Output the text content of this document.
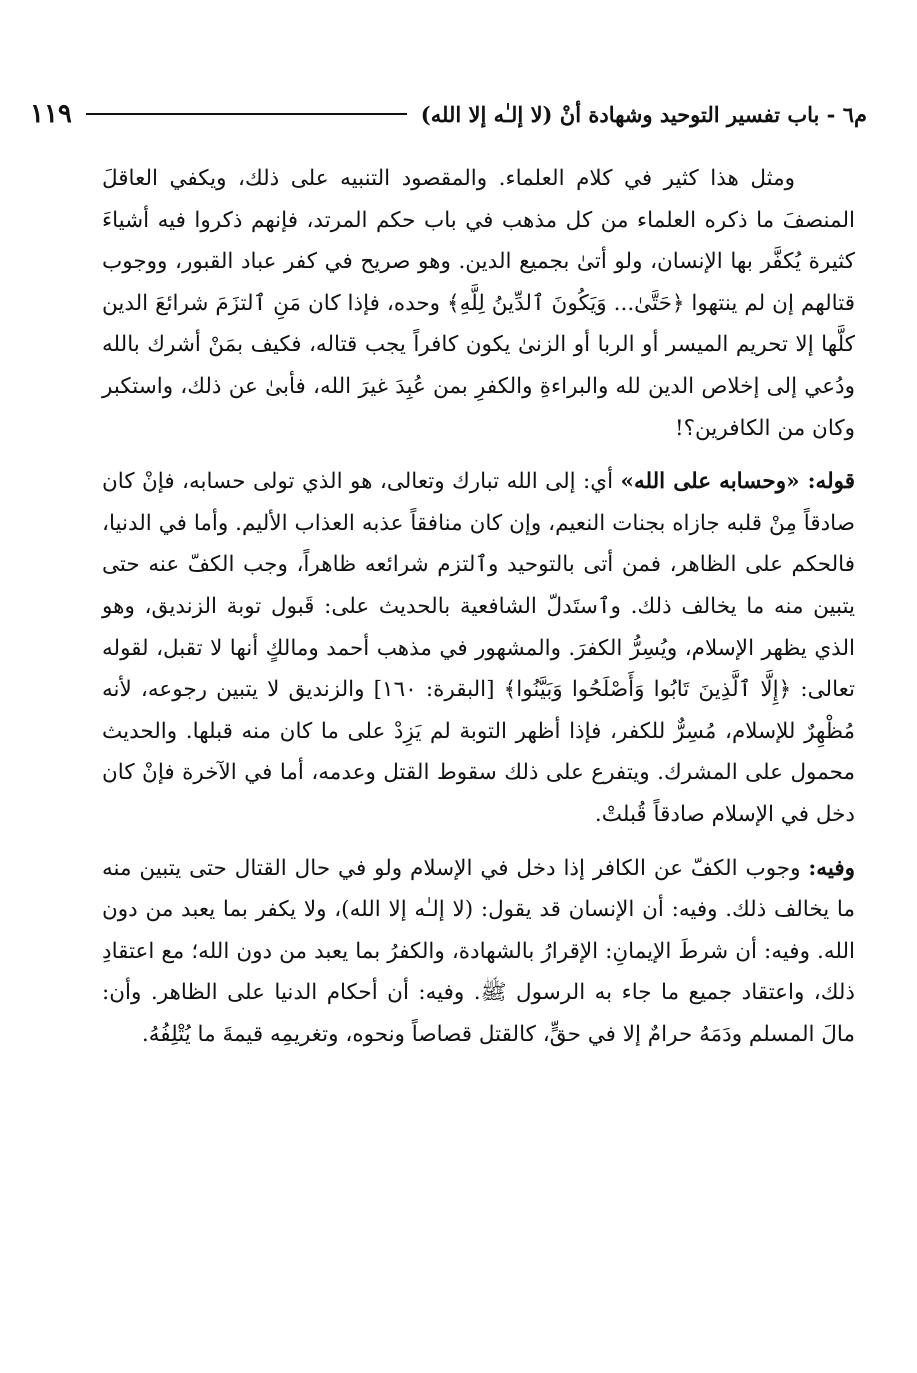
م٦ - باب تفسير التوحيد وشهادة أنْ (لا إلـٰه إلا الله)
١١٩

ومثل هذا كثير في كلام العلماء. والمقصود التنبيه على ذلك، ويكفي العاقلَ المنصفَ ما ذكره العلماء من كل مذهب في باب حكم المرتد، فإنهم ذكروا فيه أشياءَ كثيرة يُكفَّر بها الإنسان، ولو أتىٰ بجميع الدين. وهو صريح في كفر عباد القبور، ووجوب قتالهم إن لم ينتهوا ﴿حَتَّىٰ... وَيَكُونَ ٱلدِّينُ لِلَّهِ﴾ وحده، فإذا كان مَنِ ٱلتزَمَ شرائعَ الدين كلَّها إلا تحريم الميسر أو الربا أو الزنىٰ يكون كافراً يجب قتاله، فكيف بمَنْ أشرك بالله ودُعي إلى إخلاص الدين لله والبراءةِ والكفرِ بمن عُبِدَ غيرَ الله، فأبىٰ عن ذلك، واستكبر وكان من الكافرين؟!

قوله: «وحسابه على الله» أي: إلى الله تبارك وتعالى، هو الذي تولى حسابه، فإنْ كان صادقاً مِنْ قلبه جازاه بجنات النعيم، وإن كان منافقاً عذبه العذاب الأليم. وأما في الدنيا، فالحكم على الظاهر، فمن أتى بالتوحيد وٱلتزم شرائعه ظاهراً، وجب الكفّ عنه حتى يتبين منه ما يخالف ذلك. وٱستَدلّ الشافعية بالحديث على: قَبول توبة الزنديق، وهو الذي يظهر الإسلام، ويُسِرُّ الكفرَ. والمشهور في مذهب أحمد ومالكٍ أنها لا تقبل، لقوله تعالى: ﴿إِلَّا ٱلَّذِينَ تَابُوا وَأَصْلَحُوا وَبَيَّنُوا﴾ [البقرة: ١٦٠] والزنديق لا يتبين رجوعه، لأنه مُظْهِرٌ للإسلام، مُسِرٌّ للكفر، فإذا أظهر التوبة لم يَزِدْ على ما كان منه قبلها. والحديث محمول على المشرك. ويتفرع على ذلك سقوط القتل وعدمه، أما في الآخرة فإنْ كان دخل في الإسلام صادقاً قُبلتْ.

وفيه: وجوب الكفّ عن الكافر إذا دخل في الإسلام ولو في حال القتال حتى يتبين منه ما يخالف ذلك. وفيه: أن الإنسان قد يقول: (لا إلـٰه إلا الله)، ولا يكفر بما يعبد من دون الله. وفيه: أن شرطَ الإيمانِ: الإقرارُ بالشهادة، والكفرُ بما يعبد من دون الله؛ مع اعتقادِ ذلك، واعتقاد جميع ما جاء به الرسول ﷺ. وفيه: أن أحكام الدنيا على الظاهر. وأن: مالَ المسلم ودَمَهُ حرامٌ إلا في حقٍّ، كالقتل قصاصاً ونحوه، وتغريمِه قيمةَ ما يُتْلِفُهُ.
